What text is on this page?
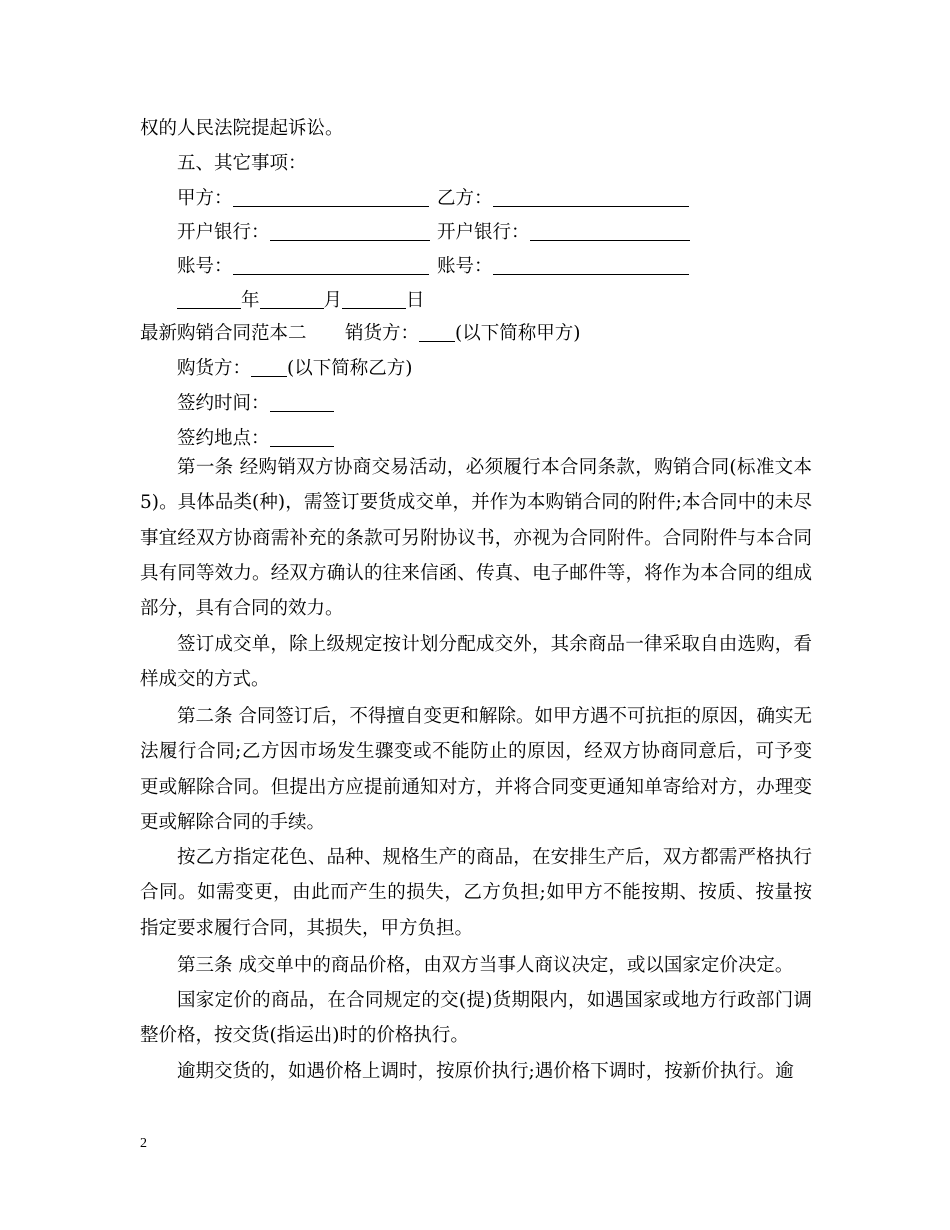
权的人民法院提起诉讼。
五、其它事项：
甲方：	乙方：
开户银行：	开户银行：
账号：	账号：
年	月	日
最新购销合同范本二 销货方： (以下简称甲方)
购货方： (以下简称乙方)
签约时间：
签约地点：

第一条 经购销双方协商交易活动，必须履行本合同条款，购销合同(标准文本5)。具体品类(种)，需签订要货成交单，并作为本购销合同的附件;本合同中的未尽事宜经双方协商需补充的条款可另附协议书，亦视为合同附件。合同附件与本合同具有同等效力。经双方确认的往来信函、传真、电子邮件等，将作为本合同的组成部分，具有合同的效力。

签订成交单，除上级规定按计划分配成交外，其余商品一律采取自由选购，看样成交的方式。

第二条 合同签订后，不得擅自变更和解除。如甲方遇不可抗拒的原因，确实无法履行合同;乙方因市场发生骤变或不能防止的原因，经双方协商同意后，可予变更或解除合同。但提出方应提前通知对方，并将合同变更通知单寄给对方，办理变更或解除合同的手续。

按乙方指定花色、品种、规格生产的商品，在安排生产后，双方都需严格执行合同。如需变更，由此而产生的损失，乙方负担;如甲方不能按期、按质、按量按指定要求履行合同，其损失，甲方负担。

第三条 成交单中的商品价格，由双方当事人商议决定，或以国家定价决定。

国家定价的商品，在合同规定的交(提)货期限内，如遇国家或地方行政部门调整价格，按交货(指运出)时的价格执行。

逾期交货的，如遇价格上调时，按原价执行;遇价格下调时，按新价执行。逾

2
